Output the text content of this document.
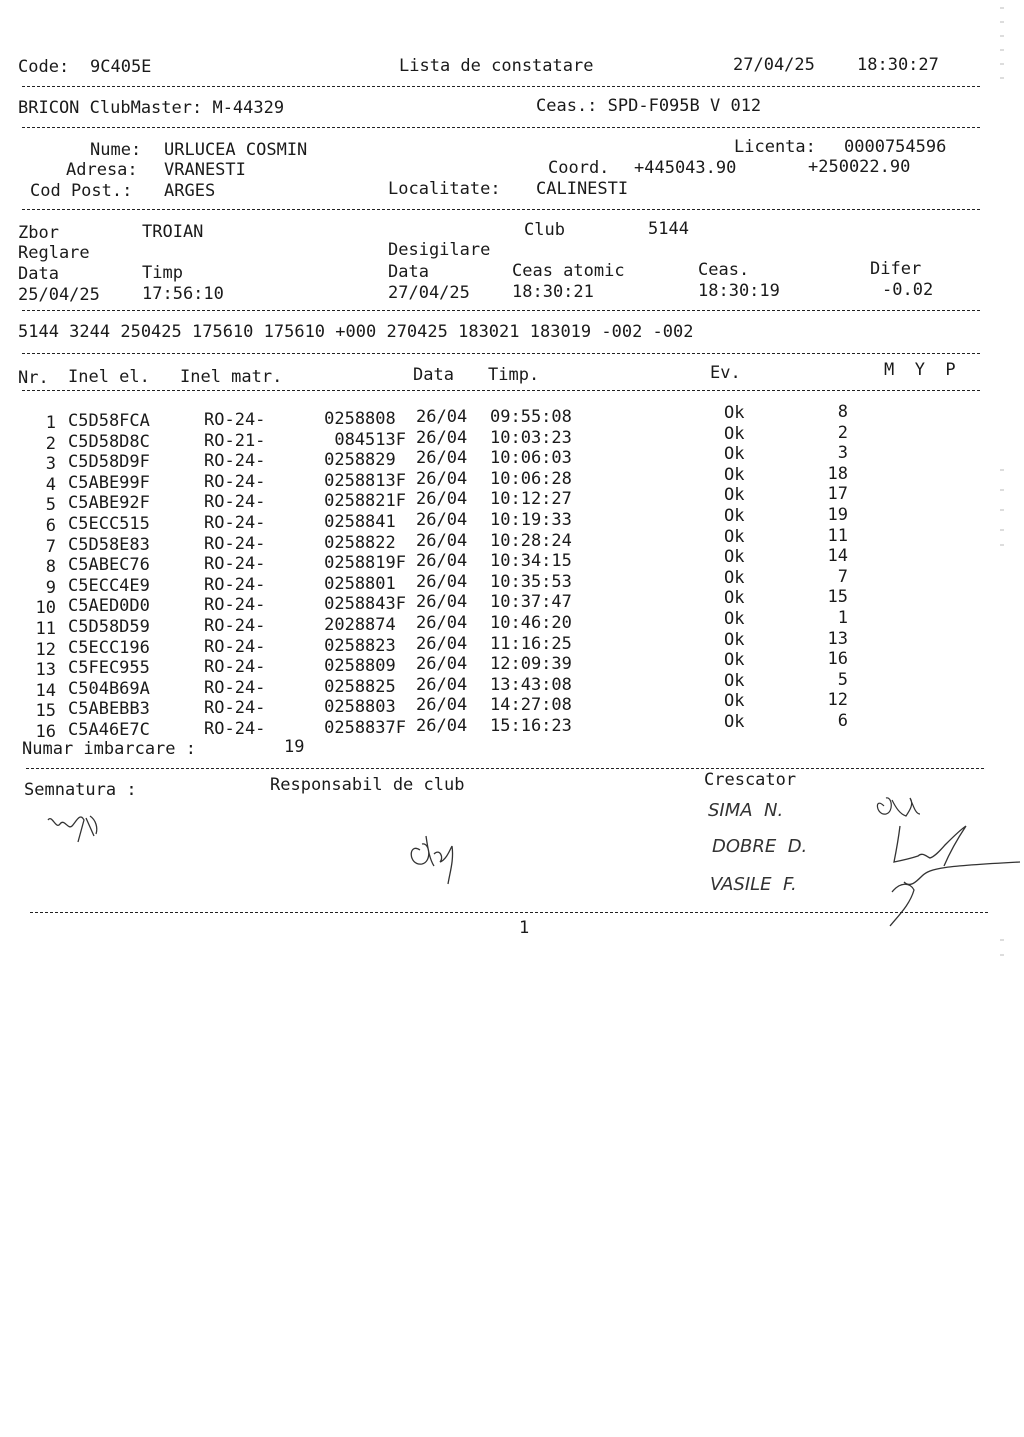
Code: 9C405E	Lista de constatare	27/04/25 18:30:27
BRICON ClubMaster: M-44329	Ceas.: SPD-F095B V 012
Nume: URLUCEA COSMIN	Licenta: 0000754596
Adresa: VRANESTI	Coord. +445043.90	+250022.90
Cod Post.: ARGES	Localitate: CALINESTI
Zbor	TROIAN	Club	5144
Reglare	Desigilare
Data	Timp	Data	Ceas atomic	Ceas.	Difer
25/04/25 17:56:10	27/04/25 18:30:21	18:30:19	-0.02
5144 3244 250425 175610 175610 +000 270425 183021 183019 -002 -002
Nr. Inel el. Inel matr.	Data Timp.	Ev.	M  Y  P
1 C5D58FCA	RO-24-	0258808 26/04 09:55:08	Ok	8
2 C5D58D8C	RO-21-	084513F 26/04 10:03:23	Ok	2
3 C5D58D9F	RO-24-	0258829 26/04 10:06:03	Ok	3
4 C5ABE99F	RO-24-	0258813F 26/04 10:06:28	Ok	18
5 C5ABE92F	RO-24-	0258821F 26/04 10:12:27	Ok	17
6 C5ECC515	RO-24-	0258841 26/04 10:19:33	Ok	19
7 C5D58E83	RO-24-	0258822 26/04 10:28:24	Ok	11
8 C5ABEC76	RO-24-	0258819F 26/04 10:34:15	Ok	14
9 C5ECC4E9	RO-24-	0258801 26/04 10:35:53	Ok	7
10 C5AED0D0	RO-24-	0258843F 26/04 10:37:47	Ok	15
11 C5D58D59	RO-24-	2028874 26/04 10:46:20	Ok	1
12 C5ECC196	RO-24-	0258823 26/04 11:16:25	Ok	13
13 C5FEC955	RO-24-	0258809 26/04 12:09:39	Ok	16
14 C504B69A	RO-24-	0258825 26/04 13:43:08	Ok	5
15 C5ABEBB3	RO-24-	0258803 26/04 14:27:08	Ok	12
16 C5A46E7C	RO-24-	0258837F 26/04 15:16:23	Ok	6
Numar imbarcare :	19
Semnatura :	Responsabil de club	Crescator
SIMA  N.
DOBRE  D.
VASILE  F.
1
